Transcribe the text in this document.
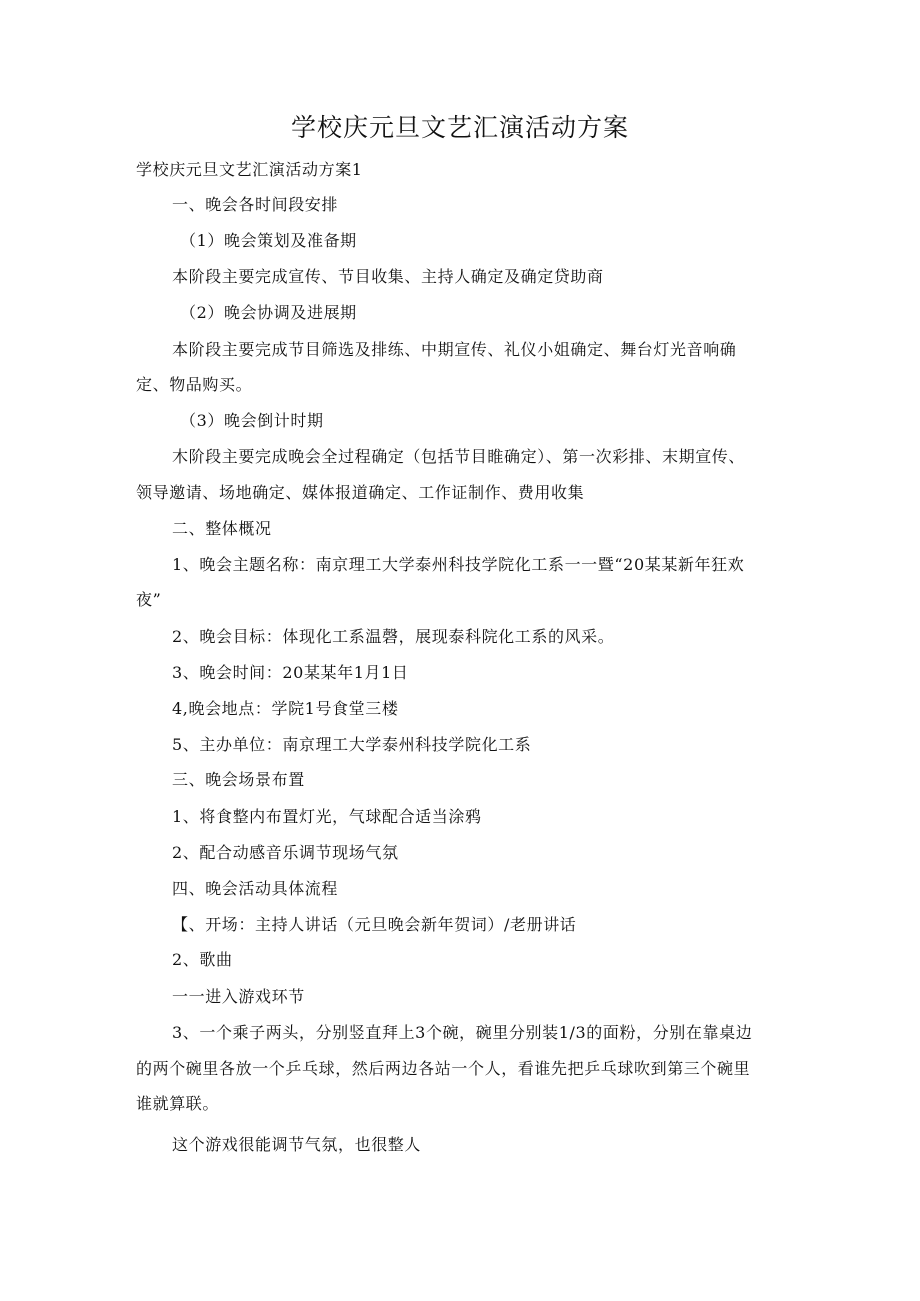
学校庆元旦文艺汇演活动方案
学校庆元旦文艺汇演活动方案1
一、晚会各时间段安排
（1）晚会策划及准备期
本阶段主要完成宣传、节目收集、主持人确定及确定贷助商
（2）晚会协调及进展期
本阶段主要完成节目筛选及排练、中期宣传、礼仪小姐确定、舞台灯光音响确
定、物品购买。
（3）晚会倒计时期
木阶段主要完成晚会全过程确定（包括节目睢确定）、第一次彩排、末期宣传、
领导邀请、场地确定、媒体报道确定、工作证制作、费用收集
二、整体概况
1、晚会主题名称：南京理工大学泰州科技学院化工系一一暨“20某某新年狂欢
夜”
2、晚会目标：体现化工系温磬，展现泰科院化工系的风采。
3、晚会时间：20某某年1月1日
4,晚会地点：学院1号食堂三楼
5、主办单位：南京理工大学泰州科技学院化工系
三、晚会场景布置
1、将食整内布置灯光，气球配合适当涂鸦
2、配合动感音乐调节现场气氛
四、晚会活动具体流程
【、开场：主持人讲话（元旦晚会新年贺词）/老册讲话
2、歌曲
一一进入游戏环节
3、一个乘子两头，分别竖直拜上3个碗，碗里分别装1/3的面粉，分别在靠桌边
的两个碗里各放一个乒乓球，然后两边各站一个人，看谁先把乒乓球吹到第三个碗里
谁就算联。
这个游戏很能调节气氛，也很整人
